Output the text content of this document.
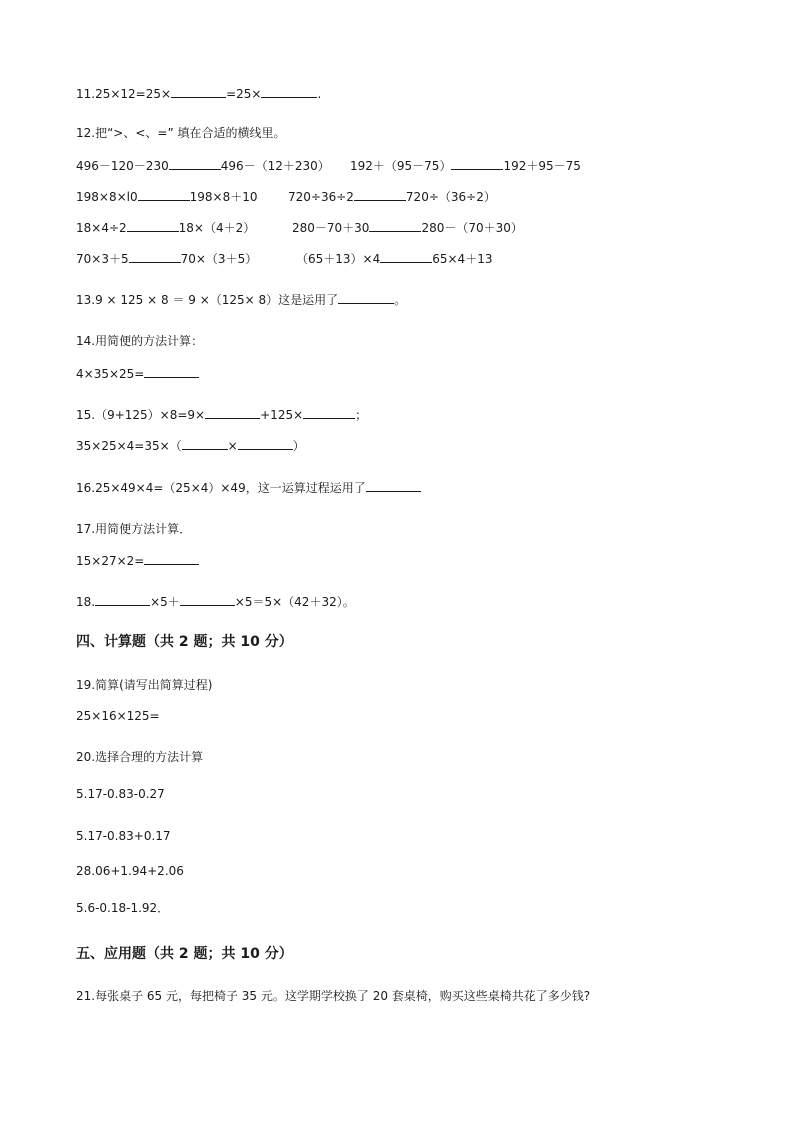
11.25×12=25×	=25×	.
12.把“>、<、=” 填在合适的横线里。
496－120－230	496－（12＋230） 192＋（95－75）	192＋95－75
198×8×l0	198×8＋10	720÷36÷2	720÷（36÷2）
18×4÷2	18×（4＋2）	280－70＋30	280－（70＋30）
70×3＋5	70×（3＋5）	（65＋13）×4	65×4＋13
13.9 × 125 × 8 ＝ 9 ×（125× 8）这是运用了	。
14.用简便的方法计算：
4×35×25=
15.（9+125）×8=9×	+125×	；
35×25×4=35×（	×	）
16.25×49×4=（25×4）×49，这一运算过程运用了
17.用简便方法计算．
15×27×2=
18.	×5＋	×5＝5×（42＋32）。
四、计算题（共 2 题；共 10 分）
19.简算(请写出简算过程)
25×16×125=
20.选择合理的方法计算
5.17-0.83-0.27
5.17-0.83+0.17
28.06+1.94+2.06
5.6-0.18-1.92．
五、应用题（共 2 题；共 10 分）
21.每张桌子 65 元，每把椅子 35 元。这学期学校换了 20 套桌椅，购买这些桌椅共花了多少钱?
